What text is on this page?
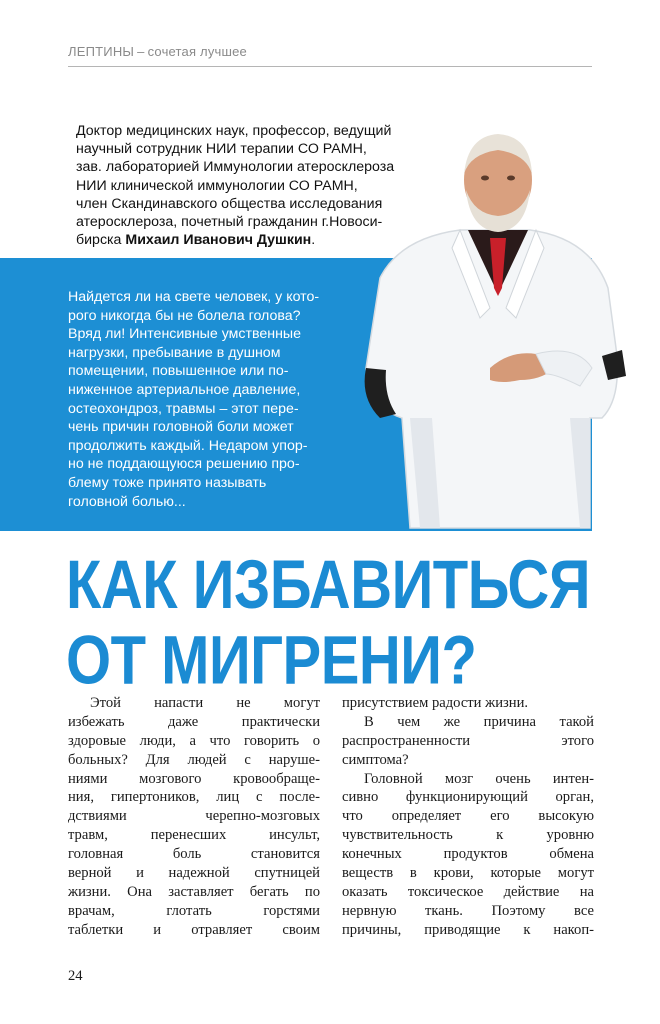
ЛЕПТИНЫ – сочетая лучшее
Доктор медицинских наук, профессор, ведущий
научный сотрудник НИИ терапии СО РАМН,
зав. лабораторией Иммунологии атеросклероза
НИИ клинической иммунологии СО РАМН,
член Скандинавского общества исследования
атеросклероза, почетный гражданин г.Новоси-
бирска Михаил Иванович Душкин.
Найдется ли на свете человек, у кото-
рого никогда бы не болела голова?
Вряд ли! Интенсивные умственные
нагрузки, пребывание в душном
помещении, повышенное или по-
ниженное артериальное давление,
остеохондроз, травмы – этот пере-
чень причин головной боли может
продолжить каждый. Недаром упор-
но не поддающуюся решению про-
блему тоже принято называть
головной болью...
КАК ИЗБАВИТЬСЯ
ОТ МИГРЕНИ?
Этой напасти не могут
избежать даже практически
здоровые люди, а что говорить о
больных? Для людей с наруше-
ниями мозгового кровообраще-
ния, гипертоников, лиц с после-
дствиями черепно-мозговых
травм, перенесших инсульт,
головная боль становится
верной и надежной спутницей
жизни. Она заставляет бегать по
врачам, глотать горстями
таблетки и отравляет своим
присутствием радости жизни.
В чем же причина такой
распространенности этого
симптома?
Головной мозг очень интен-
сивно функционирующий орган,
что определяет его высокую
чувствительность к уровню
конечных продуктов обмена
веществ в крови, которые могут
оказать токсическое действие на
нервную ткань. Поэтому все
причины, приводящие к накоп-
24
